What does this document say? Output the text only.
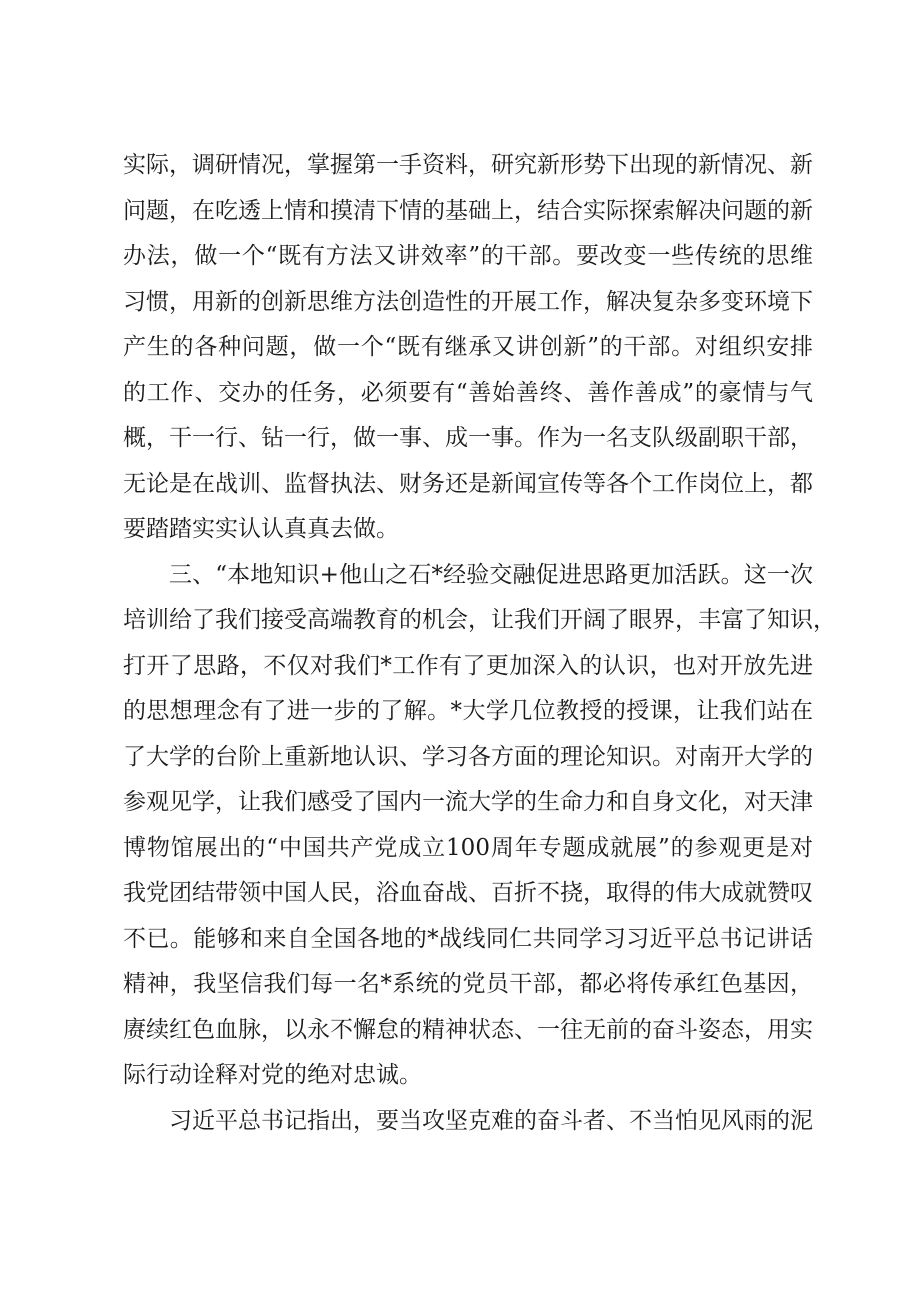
实际，调研情况，掌握第一手资料，研究新形势下出现的新情况、新
问题，在吃透上情和摸清下情的基础上，结合实际探索解决问题的新
办法，做一个“既有方法又讲效率”的干部。要改变一些传统的思维
习惯，用新的创新思维方法创造性的开展工作，解决复杂多变环境下
产生的各种问题，做一个“既有继承又讲创新”的干部。对组织安排
的工作、交办的任务，必须要有“善始善终、善作善成”的豪情与气
概，干一行、钻一行，做一事、成一事。作为一名支队级副职干部，
无论是在战训、监督执法、财务还是新闻宣传等各个工作岗位上，都
要踏踏实实认认真真去做。
三、“本地知识+他山之石*经验交融促进思路更加活跃。这一次
培训给了我们接受高端教育的机会，让我们开阔了眼界，丰富了知识，
打开了思路，不仅对我们*工作有了更加深入的认识，也对开放先进
的思想理念有了进一步的了解。*大学几位教授的授课，让我们站在
了大学的台阶上重新地认识、学习各方面的理论知识。对南开大学的
参观见学，让我们感受了国内一流大学的生命力和自身文化，对天津
博物馆展出的“中国共产党成立100周年专题成就展”的参观更是对
我党团结带领中国人民，浴血奋战、百折不挠，取得的伟大成就赞叹
不已。能够和来自全国各地的*战线同仁共同学习习近平总书记讲话
精神，我坚信我们每一名*系统的党员干部，都必将传承红色基因，
赓续红色血脉，以永不懈怠的精神状态、一往无前的奋斗姿态，用实
际行动诠释对党的绝对忠诚。
习近平总书记指出，要当攻坚克难的奋斗者、不当怕见风雨的泥
